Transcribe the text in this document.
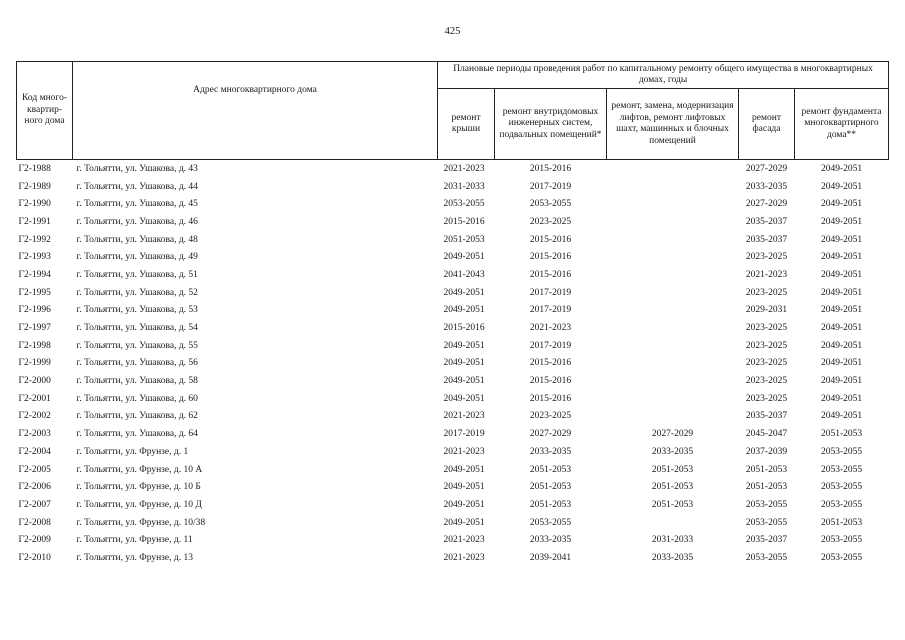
425
Код много-квартир-ного дома	Адрес многоквартирного дома	Плановые периоды проведения работ по капитальному ремонту общего имущества в многоквартирных домах, годы				
		ремонт крыши	ремонт внутридомовых инженерных систем, подвальных помещений*	ремонт, замена, модернизация лифтов, ремонт лифтовых шахт, машинных и блочных помещений	ремонт фасада	ремонт фундамента многоквартирного дома**
Г2-1988	г. Тольятти, ул. Ушакова, д. 43	2021-2023	2015-2016		2027-2029	2049-2051
Г2-1989	г. Тольятти, ул. Ушакова, д. 44	2031-2033	2017-2019		2033-2035	2049-2051
Г2-1990	г. Тольятти, ул. Ушакова, д. 45	2053-2055	2053-2055		2027-2029	2049-2051
Г2-1991	г. Тольятти, ул. Ушакова, д. 46	2015-2016	2023-2025		2035-2037	2049-2051
Г2-1992	г. Тольятти, ул. Ушакова, д. 48	2051-2053	2015-2016		2035-2037	2049-2051
Г2-1993	г. Тольятти, ул. Ушакова, д. 49	2049-2051	2015-2016		2023-2025	2049-2051
Г2-1994	г. Тольятти, ул. Ушакова, д. 51	2041-2043	2015-2016		2021-2023	2049-2051
Г2-1995	г. Тольятти, ул. Ушакова, д. 52	2049-2051	2017-2019		2023-2025	2049-2051
Г2-1996	г. Тольятти, ул. Ушакова, д. 53	2049-2051	2017-2019		2029-2031	2049-2051
Г2-1997	г. Тольятти, ул. Ушакова, д. 54	2015-2016	2021-2023		2023-2025	2049-2051
Г2-1998	г. Тольятти, ул. Ушакова, д. 55	2049-2051	2017-2019		2023-2025	2049-2051
Г2-1999	г. Тольятти, ул. Ушакова, д. 56	2049-2051	2015-2016		2023-2025	2049-2051
Г2-2000	г. Тольятти, ул. Ушакова, д. 58	2049-2051	2015-2016		2023-2025	2049-2051
Г2-2001	г. Тольятти, ул. Ушакова, д. 60	2049-2051	2015-2016		2023-2025	2049-2051
Г2-2002	г. Тольятти, ул. Ушакова, д. 62	2021-2023	2023-2025		2035-2037	2049-2051
Г2-2003	г. Тольятти, ул. Ушакова, д. 64	2017-2019	2027-2029	2027-2029	2045-2047	2051-2053
Г2-2004	г. Тольятти, ул. Фрунзе, д. 1	2021-2023	2033-2035	2033-2035	2037-2039	2053-2055
Г2-2005	г. Тольятти, ул. Фрунзе, д. 10 А	2049-2051	2051-2053	2051-2053	2051-2053	2053-2055
Г2-2006	г. Тольятти, ул. Фрунзе, д. 10 Б	2049-2051	2051-2053	2051-2053	2051-2053	2053-2055
Г2-2007	г. Тольятти, ул. Фрунзе, д. 10 Д	2049-2051	2051-2053	2051-2053	2053-2055	2053-2055
Г2-2008	г. Тольятти, ул. Фрунзе, д. 10/38	2049-2051	2053-2055		2053-2055	2051-2053
Г2-2009	г. Тольятти, ул. Фрунзе, д. 11	2021-2023	2033-2035	2031-2033	2035-2037	2053-2055
Г2-2010	г. Тольятти, ул. Фрунзе, д. 13	2021-2023	2039-2041	2033-2035	2053-2055	2053-2055
